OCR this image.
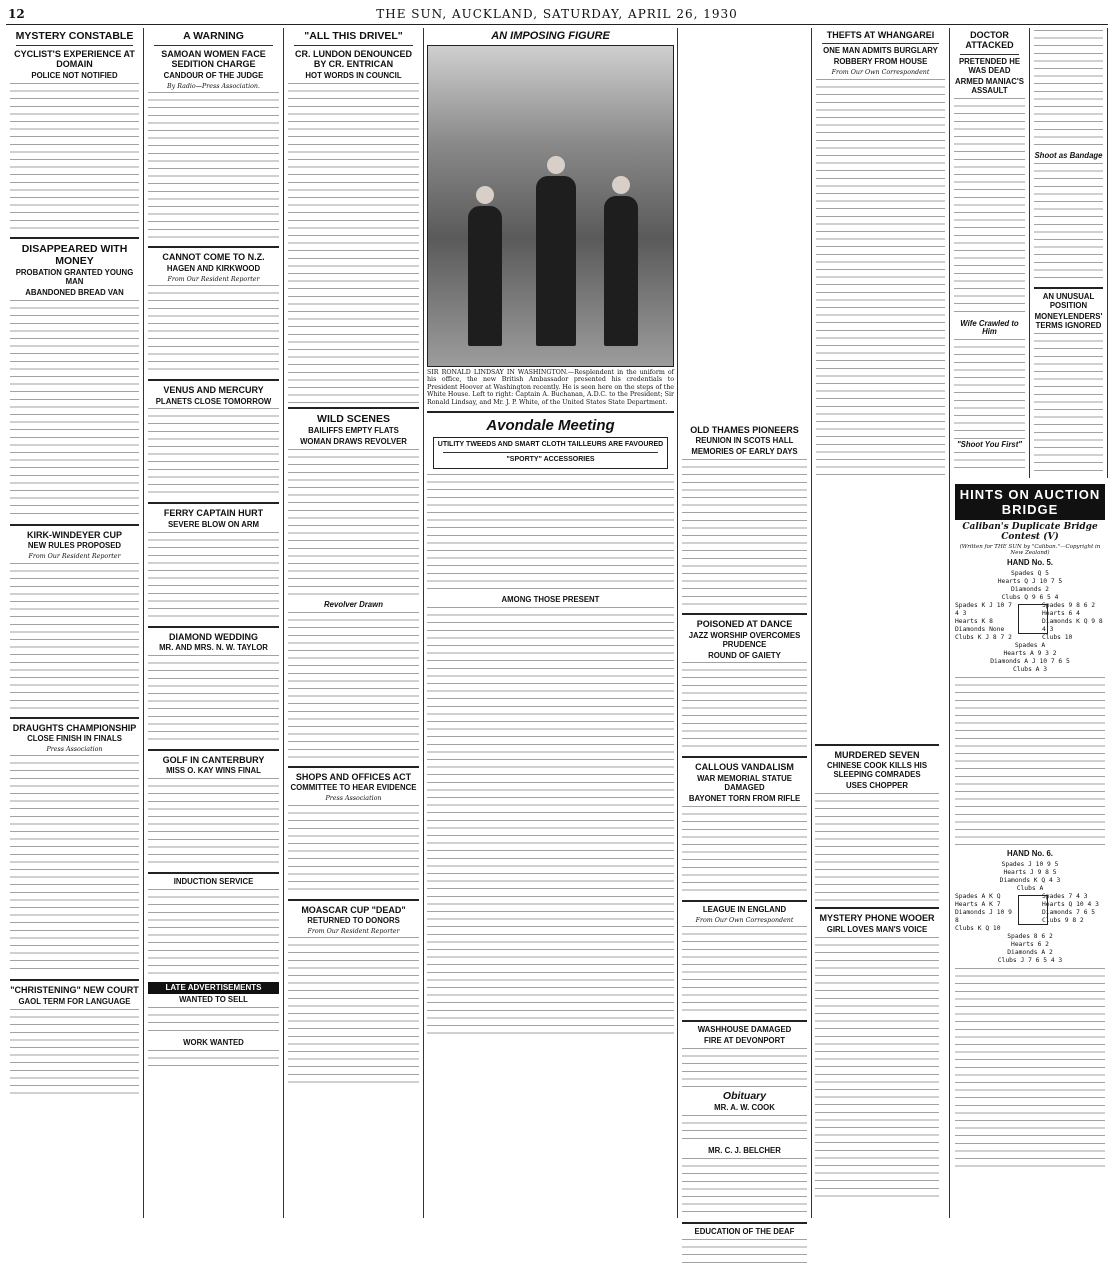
12	THE SUN, AUCKLAND, SATURDAY, APRIL 26, 1930
MYSTERY CONSTABLE
CYCLIST'S EXPERIENCE AT DOMAIN
POLICE NOT NOTIFIED
DISAPPEARED WITH MONEY
PROBATION GRANTED YOUNG MAN
ABANDONED BREAD VAN
KIRK-WINDEYER CUP
NEW RULES PROPOSED
From Our Resident Reporter
DRAUGHTS CHAMPIONSHIP
CLOSE FINISH IN FINALS
Press Association
"CHRISTENING" NEW COURT
GAOL TERM FOR LANGUAGE
A WARNING
SAMOAN WOMEN FACE SEDITION CHARGE
CANDOUR OF THE JUDGE
By Radio—Press Association.
CANNOT COME TO N.Z.
HAGEN AND KIRKWOOD
From Our Resident Reporter
VENUS AND MERCURY
PLANETS CLOSE TOMORROW
FERRY CAPTAIN HURT
SEVERE BLOW ON ARM
DIAMOND WEDDING
MR. AND MRS. N. W. TAYLOR
GOLF IN CANTERBURY
MISS O. KAY WINS FINAL
INDUCTION SERVICE
LATE ADVERTISEMENTS
WANTED TO SELL
WORK WANTED
"ALL THIS DRIVEL"
CR. LUNDON DENOUNCED BY CR. ENTRICAN
HOT WORDS IN COUNCIL
WILD SCENES
BAILIFFS EMPTY FLATS
WOMAN DRAWS REVOLVER
Revolver Drawn
SHOPS AND OFFICES ACT
COMMITTEE TO HEAR EVIDENCE
Press Association
MOASCAR CUP "DEAD"
RETURNED TO DONORS
From Our Resident Reporter
AN IMPOSING FIGURE
SIR RONALD LINDSAY IN WASHINGTON.—Resplendent in the uniform of his office, the new British Ambassador presented his credentials to President Hoover at Washington recently. He is seen here on the steps of the White House. Left to right: Captain A. Buchanan, A.D.C. to the President; Sir Ronald Lindsay, and Mr. J. P. White, of the United States State Department.
Avondale Meeting
UTILITY TWEEDS AND SMART CLOTH TAILLEURS ARE FAVOURED
"SPORTY" ACCESSORIES
AMONG THOSE PRESENT
OLD THAMES PIONEERS
REUNION IN SCOTS HALL
MEMORIES OF EARLY DAYS
POISONED AT DANCE
JAZZ WORSHIP OVERCOMES PRUDENCE
ROUND OF GAIETY
CALLOUS VANDALISM
WAR MEMORIAL STATUE DAMAGED
BAYONET TORN FROM RIFLE
LEAGUE IN ENGLAND
From Our Own Correspondent
WASHHOUSE DAMAGED
FIRE AT DEVONPORT
Obituary
MR. A. W. COOK
MR. C. J. BELCHER
EDUCATION OF THE DEAF
THEFTS AT WHANGAREI
ONE MAN ADMITS BURGLARY
ROBBERY FROM HOUSE
From Our Own Correspondent
DOCTOR ATTACKED
PRETENDED HE WAS DEAD
ARMED MANIAC'S ASSAULT
Wife Crawled to Him
"Shoot You First"
Shoot as Bandage
AN UNUSUAL POSITION
MONEYLENDERS' TERMS IGNORED
HINTS ON AUCTION BRIDGE
Caliban's Duplicate Bridge Contest (V)
(Written for THE SUN by "Caliban."—Copyright in New Zealand)
HAND No. 5.
Spades Q 5
Hearts Q J 10 7 5
Diamonds 2
Clubs Q 9 6 5 4
Spades K J 10 7 4 3
Hearts K 8
Diamonds None
Clubs K J 8 7 2
Spades 9 8 6 2
Hearts 6 4
Diamonds K Q 9 8 4 3
Clubs 10
Spades A
Hearts A 9 3 2
Diamonds A J 10 7 6 5
Clubs A 3
HAND No. 6.
Spades J 10 9 5
Hearts J 9 8 5
Diamonds K Q 4 3
Clubs A
Spades A K Q
Hearts A K 7
Diamonds J 10 9 8
Clubs K Q 10
Spades 7 4 3
Hearts Q 10 4 3
Diamonds 7 6 5
Clubs 9 8 2
Spades 8 6 2
Hearts 6 2
Diamonds A 2
Clubs J 7 6 5 4 3
MURDERED SEVEN
CHINESE COOK KILLS HIS SLEEPING COMRADES
USES CHOPPER
MYSTERY PHONE WOOER
GIRL LOVES MAN'S VOICE
